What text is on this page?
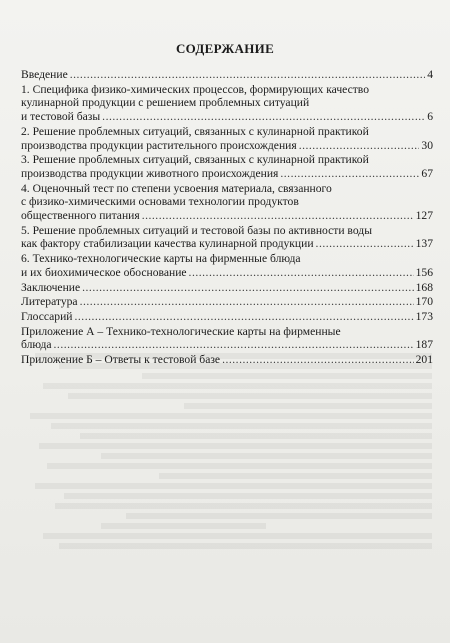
СОДЕРЖАНИЕ
Введение .....	4
1. Специфика физико-химических процессов, формирующих качество
кулинарной продукции с решением проблемных ситуаций
и тестовой базы .....	6
2. Решение проблемных ситуаций, связанных с кулинарной практикой
производства продукции растительного происхождения .....	30
3. Решение проблемных ситуаций, связанных с кулинарной практикой
производства продукции животного происхождения .....	67
4. Оценочный тест по степени усвоения материала, связанного
с физико-химическими основами технологии продуктов
общественного питания .....	127
5. Решение проблемных ситуаций и тестовой базы по активности воды
как фактору стабилизации качества кулинарной продукции .....	137
6. Технико-технологические карты на фирменные блюда
и их биохимическое обоснование .....	156
Заключение .....	168
Литература .....	170
Глоссарий .....	173
Приложение А – Технико-технологические карты на фирменные
блюда .....	187
Приложение Б – Ответы к тестовой базе .....	201
